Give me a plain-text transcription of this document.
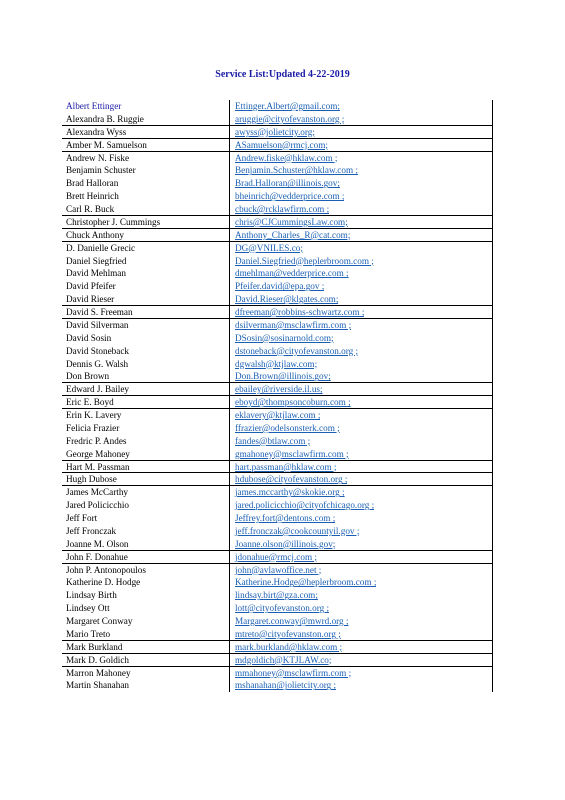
Service List:Updated 4-22-2019
Albert Ettinger	Ettinger.Albert@gmail.com;
Alexandra B. Ruggie	aruggie@cityofevanston.org ;
Alexandra Wyss	awyss@jolietcity.org;
Amber M. Samuelson	ASamuelson@rmcj.com;
Andrew N. Fiske	Andrew.fiske@hklaw.com ;
Benjamin Schuster	Benjamin.Schuster@hklaw.com ;
Brad Halloran	Brad.Halloran@illinois.gov;
Brett Heinrich	bheinrich@vedderprice.com ;
Carl R. Buck	cbuck@rcklawfirm.com ;
Christopher J. Cummings	chris@CJCummingsLaw.com;
Chuck Anthony	Anthony_Charles_R@cat.com;
D. Danielle Grecic	DG@VNILES.co;
Daniel Siegfried	Daniel.Siegfried@heplerbroom.com ;
David Mehlman	dmehlman@vedderprice.com ;
David Pfeifer	Pfeifer.david@epa.gov ;
David Rieser	David.Rieser@klgates.com;
David S. Freeman	dfreeman@robbins-schwartz.com ;
David Silverman	dsilverman@msclawfirm.com ;
David Sosin	DSosin@sosinarnold.com;
David Stoneback	dstoneback@cityofevanston.org ;
Dennis G. Walsh	dgwalsh@ktjlaw.com;
Don Brown	Don.Brown@illinois.gov;
Edward J. Bailey	ebailey@riverside.il.us;
Eric E. Boyd	eboyd@thompsoncoburn.com ;
Erin K. Lavery	eklavery@ktjlaw.com ;
Felicia Frazier	ffrazier@odelsonsterk.com ;
Fredric P. Andes	fandes@btlaw.com ;
George Mahoney	gmahoney@msclawfirm.com ;
Hart M. Passman	hart.passman@hklaw.com ;
Hugh Dubose	hdubose@cityofevanston.org ;
James McCarthy	james.mccarthy@skokie.org ;
Jared Policicchio	jared.policicchio@cityofchicago.org ;
Jeff Fort	Jeffrey.fort@dentons.com ;
Jeff Fronczak	jeff.fronczak@cookcountyil.gov ;
Joanne M. Olson	Joanne.olson@illinois.gov;
John F. Donahue	jdonahue@rmcj.com ;
John P. Antonopoulos	john@avlawoffice.net ;
Katherine D. Hodge	Katherine.Hodge@heplerbroom.com ;
Lindsay Birth	lindsay.birt@gza.com;
Lindsey Ott	lott@cityofevanston.org ;
Margaret Conway	Margaret.conway@mwrd.org ;
Mario Treto	mtreto@cityofevanston.org ;
Mark Burkland	mark.burkland@hklaw.com ;
Mark D. Goldich	mdgoldich@KTJLAW.co;
Marron Mahoney	mmahoney@msclawfirm.com ;
Martin Shanahan	mshanahan@jolietcity.org ;
